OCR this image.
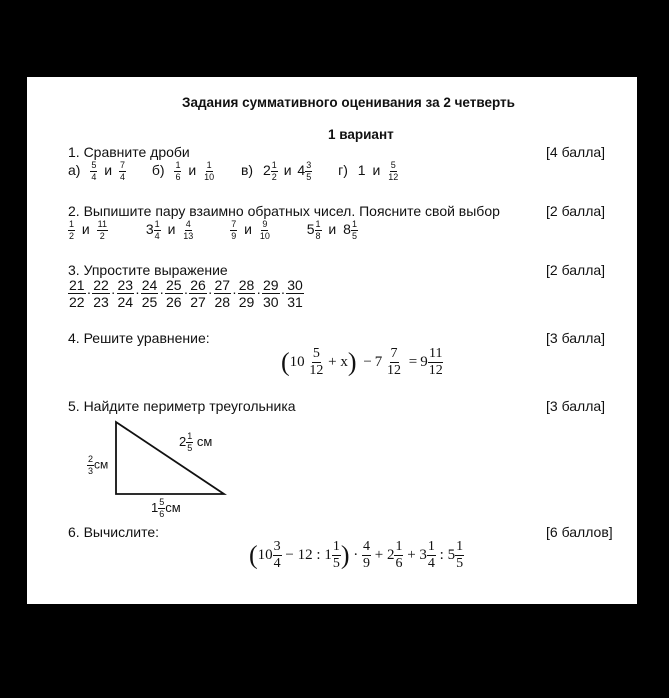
Задания суммативного оценивания за 2 четверть
1 вариант
1. Сравните дроби	[4 балла]
$а) \frac{5}{4}$ и $\frac{7}{4} б) \frac{1}{6}$ и $\frac{1}{10} в$) $2 \frac{1}{2}$ и $4 \frac{3}{5} г$) 1 и $\frac{5}{12}$
2. Выпишите пару взаимно обратных чисел. Поясните свой выбор	[2 балла]
$\frac{1}{2}$ и $\frac{11}{2}$	$3 \frac{1}{4}$ и $\frac{4}{13}$
	$\frac{7}{9}$ и $\frac{9}{10}$	$5 \frac{1}{8}$ и $8 \frac{1}{5}$
3. Упростите выражение	[2 балла]
$\frac{21}{22} \cdot \frac{22}{23} \cdot \frac{23}{24} \cdot \frac{24}{25} \cdot \frac{25}{26} \cdot \frac{26}{27} \cdot \frac{27}{28} \cdot \frac{28}{29} \cdot \frac{29}{30} \cdot \frac{30}{31}$
4. Решите уравнение:	[3 балла]
$(10 \frac{5}{12} + x) - 7 \frac{7}{12} = 9 \frac{11}{12}$
5. Найдите периметр треугольника	[3 балла]
$\frac{2}{3}$ см
$2 \frac{1}{5}$ см
$1 \frac{5}{6}$ см
6. Вычислите:	[6 баллов]
($10 \frac{3}{4} - 12$ : $1 \frac{1}{5}$ ) · $\frac{4}{9} + 2 \frac{1}{6} + 3 \frac{1}{4}$ : $5 \frac{1}{5}$
